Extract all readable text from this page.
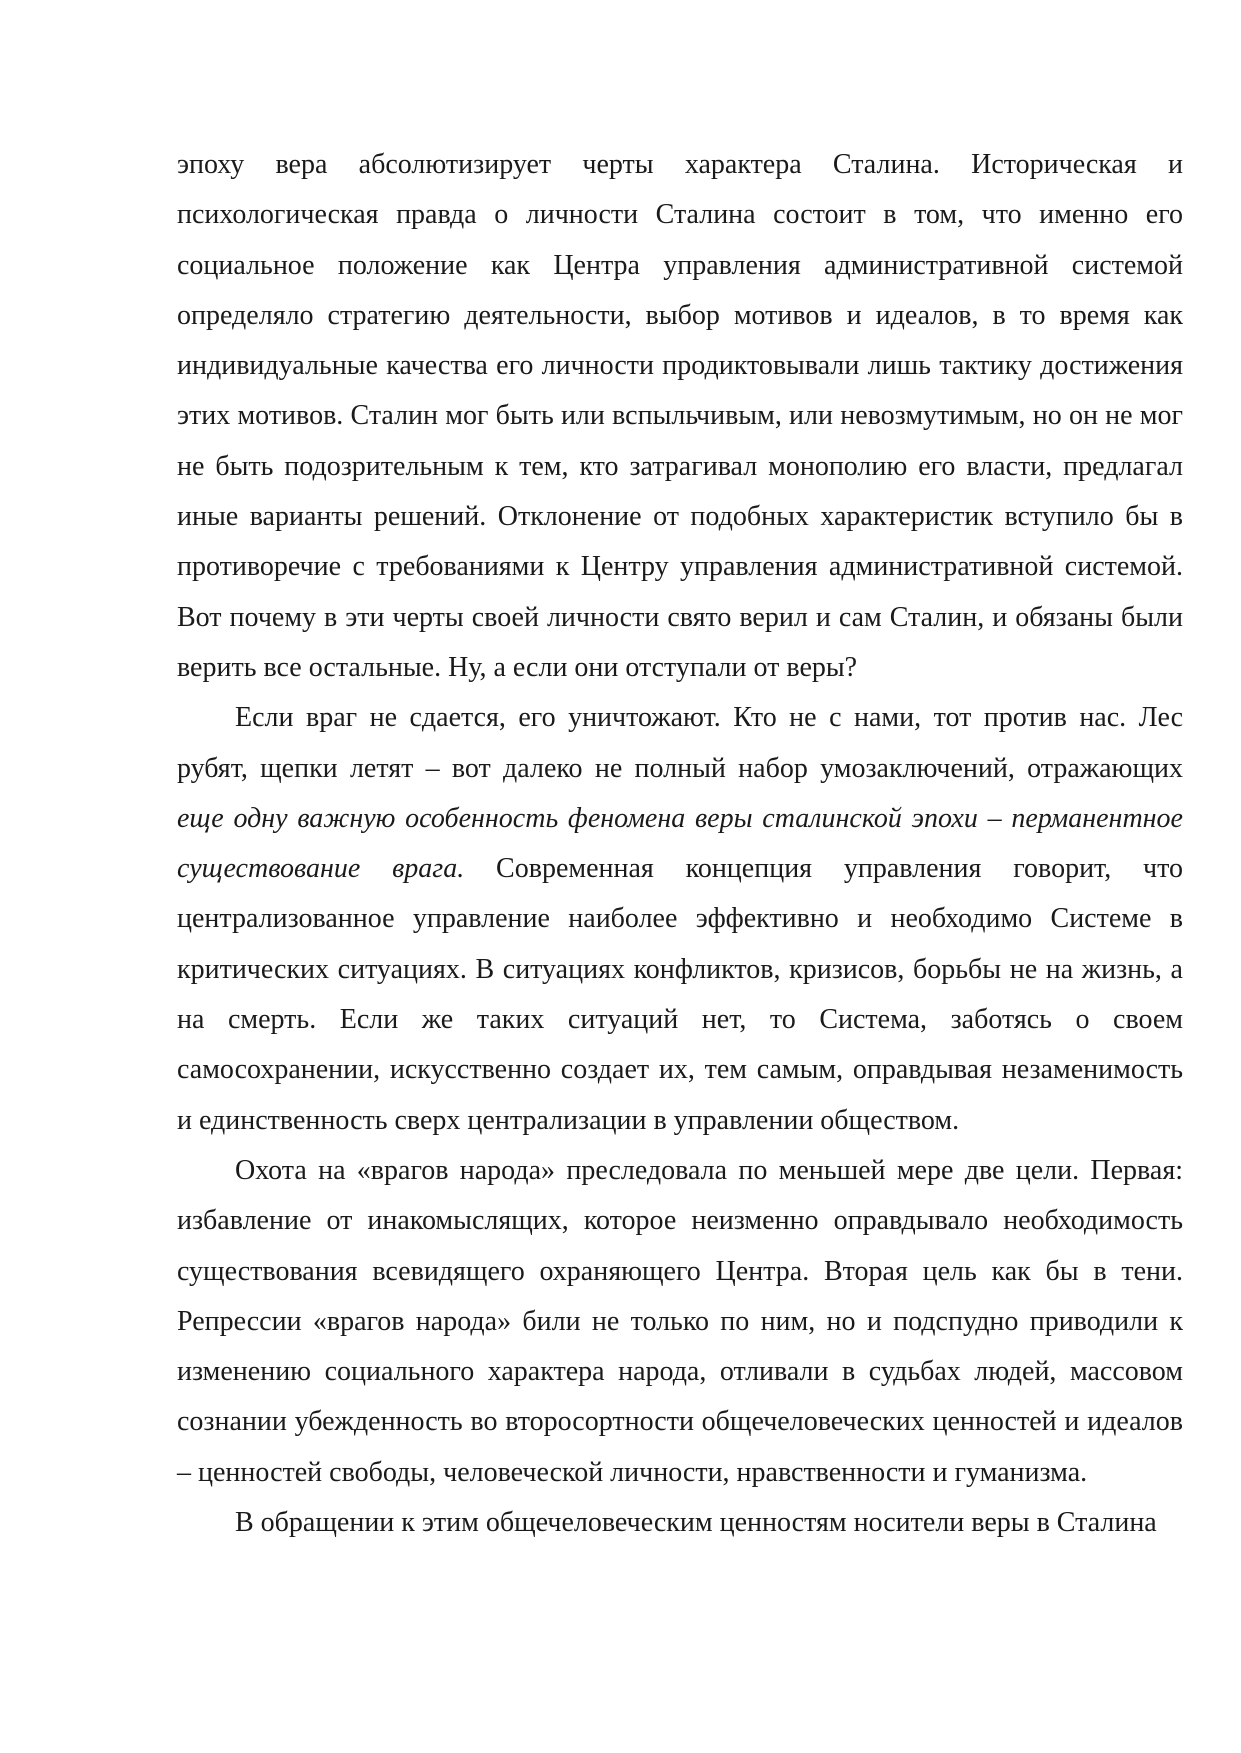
эпоху вера абсолютизирует черты характера Сталина. Историческая и психологическая правда о личности Сталина состоит в том, что именно его социальное положение как Центра управления административной системой определяло стратегию деятельности, выбор мотивов и идеалов, в то время как индивидуальные качества его личности продиктовывали лишь тактику достижения этих мотивов. Сталин мог быть или вспыльчивым, или невозмутимым, но он не мог не быть подозрительным к тем, кто затрагивал монополию его власти, предлагал иные варианты решений. Отклонение от подобных характеристик вступило бы в противоречие с требованиями к Центру управления административной системой. Вот почему в эти черты своей личности свято верил и сам Сталин, и обязаны были верить все остальные. Ну, а если они отступали от веры?

Если враг не сдается, его уничтожают. Кто не с нами, тот против нас. Лес рубят, щепки летят – вот далеко не полный набор умозаключений, отражающих еще одну важную особенность феномена веры сталинской эпохи – перманентное существование врага. Современная концепция управления говорит, что централизованное управление наиболее эффективно и необходимо Системе в критических ситуациях. В ситуациях конфликтов, кризисов, борьбы не на жизнь, а на смерть. Если же таких ситуаций нет, то Система, заботясь о своем самосохранении, искусственно создает их, тем самым, оправдывая незаменимость и единственность сверх централизации в управлении обществом.

Охота на «врагов народа» преследовала по меньшей мере две цели. Первая: избавление от инакомыслящих, которое неизменно оправдывало необходимость существования всевидящего охраняющего Центра. Вторая цель как бы в тени. Репрессии «врагов народа» били не только по ним, но и подспудно приводили к изменению социального характера народа, отливали в судьбах людей, массовом сознании убежденность во второсортности общечеловеческих ценностей и идеалов – ценностей свободы, человеческой личности, нравственности и гуманизма.

В обращении к этим общечеловеческим ценностям носители веры в Сталина
